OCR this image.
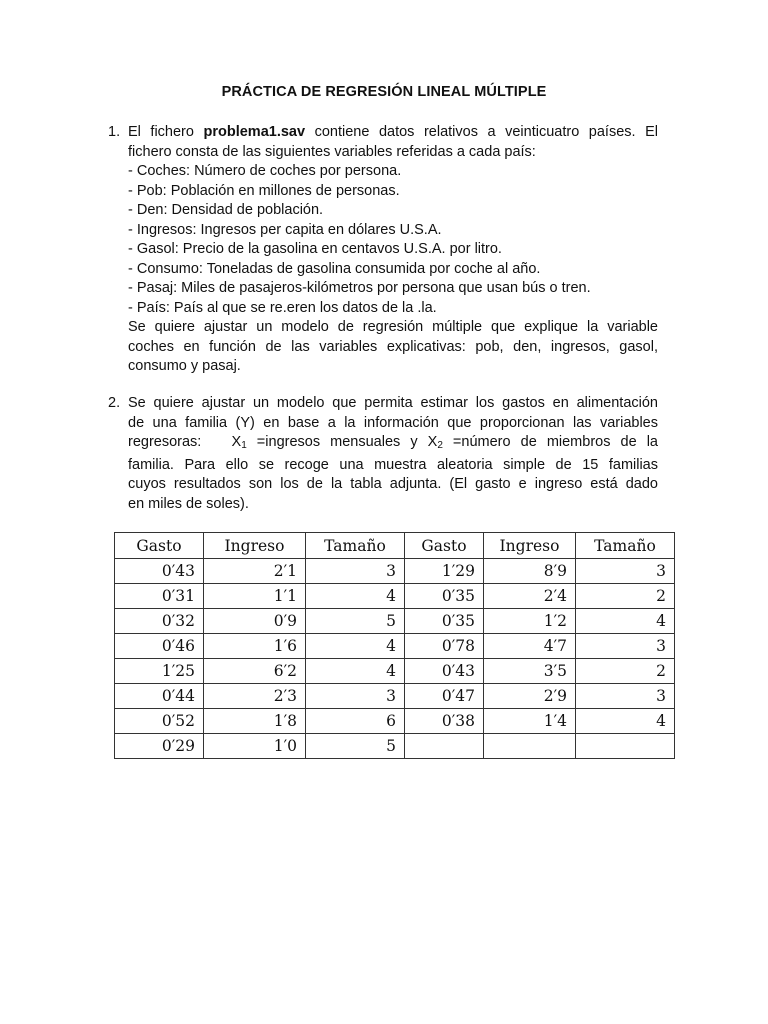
PRÁCTICA DE REGRESIÓN LINEAL MÚLTIPLE
1. El fichero problema1.sav contiene datos relativos a veinticuatro países. El
fichero consta de las siguientes variables referidas a cada país:
- Coches: Número de coches por persona.
- Pob: Población en millones de personas.
- Den: Densidad de población.
- Ingresos: Ingresos per capita en dólares U.S.A.
- Gasol: Precio de la gasolina en centavos U.S.A. por litro.
- Consumo: Toneladas de gasolina consumida por coche al año.
- Pasaj: Miles de pasajeros-kilómetros por persona que usan bús o tren.
- País: País al que se re.eren los datos de la .la.
Se quiere ajustar un modelo de regresión múltiple que explique la variable
coches en función de las variables explicativas: pob, den, ingresos, gasol,
consumo y pasaj.
2. Se quiere ajustar un modelo que permita estimar los gastos en alimentación
de una familia (Y) en base a la información que proporcionan las variables
regresoras:   $X_1$ =ingresos mensuales y $X_2$ =número de miembros de la
familia. Para ello se recoge una muestra aleatoria simple de 15 familias
cuyos resultados son los de la tabla adjunta. (El gasto e ingreso está dado
en miles de soles).
Gasto	Ingreso	Tamaño	Gasto	Ingreso	Tamaño
0′43	2′1	3	1′29	8′9	3
0′31	1′1	4	0′35	2′4	2
0′32	0′9	5	0′35	1′2	4
0′46	1′6	4	0′78	4′7	3
1′25	6′2	4	0′43	3′5	2
0′44	2′3	3	0′47	2′9	3
0′52	1′8	6	0′38	1′4	4
0′29	1′0	5			
